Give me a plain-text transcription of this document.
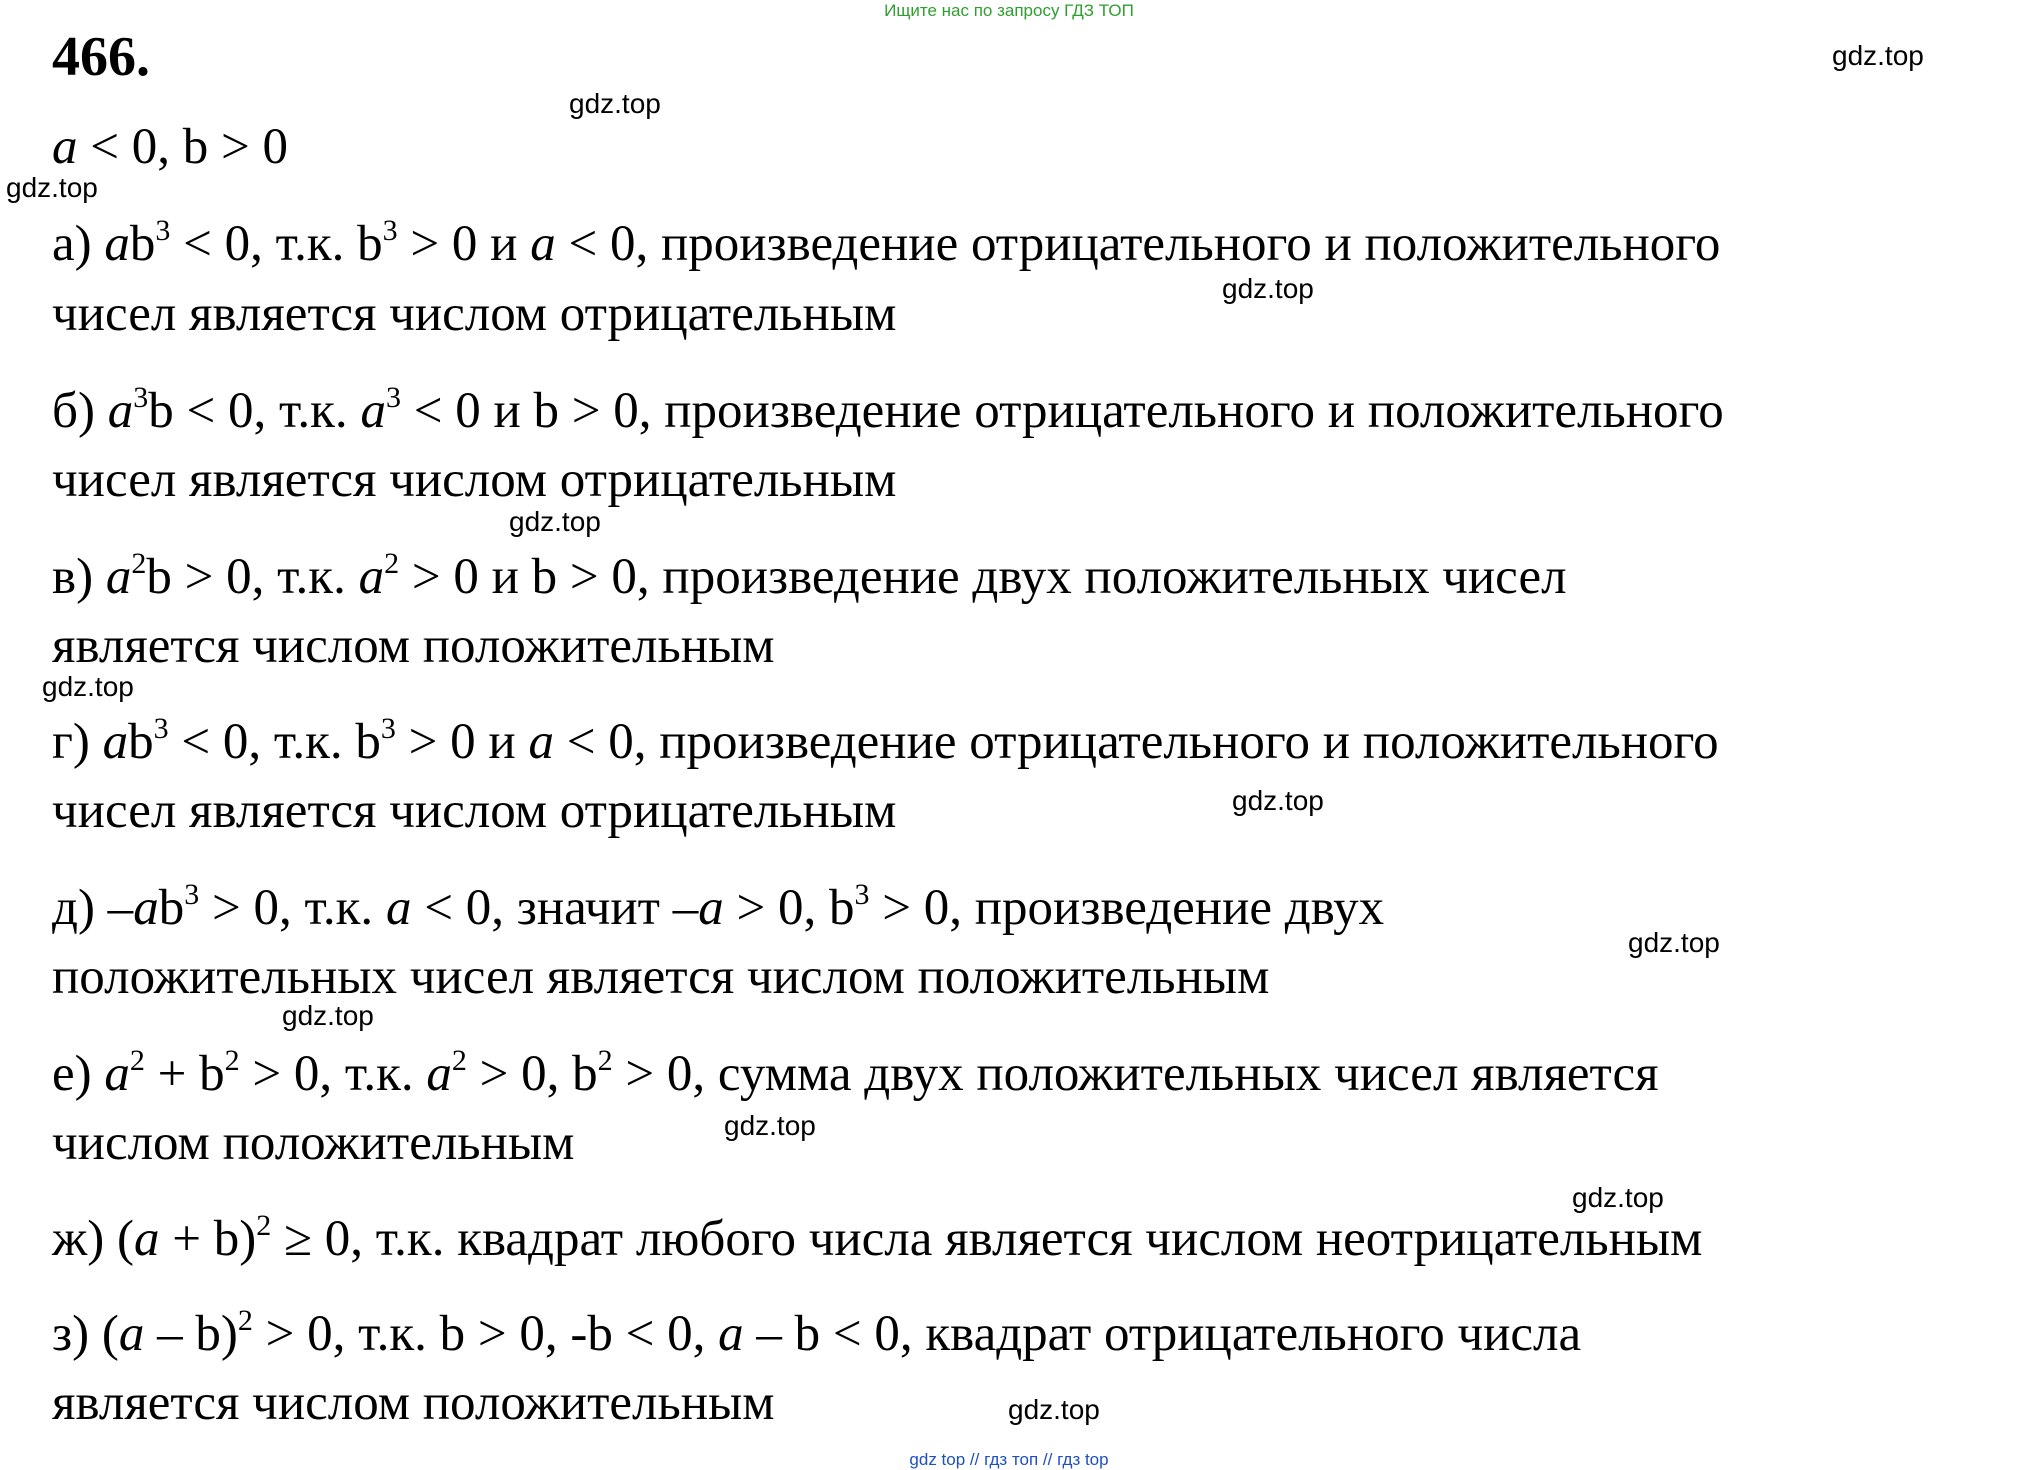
Ищите нас по запросу ГДЗ ТОП
466.
a < 0, b > 0
а) $ab^3 < 0$, т.к. $b^3 > 0$ и a < 0, произведение отрицательного и положительного
чисел является числом отрицательным
б) $a^3b < 0$, т.к. $a^3 < 0$ и b > 0, произведение отрицательного и положительного
чисел является числом отрицательным
в) $a^2b > 0$, т.к. $a^2 > 0$ и b > 0, произведение двух положительных чисел
является числом положительным
г) $ab^3 < 0$, т.к. $b^3 > 0$ и a < 0, произведение отрицательного и положительного
чисел является числом отрицательным
д) $-ab^3 > 0$, т.к. a < 0, значит –a > 0, $b^3 > 0$, произведение двух
положительных чисел является числом положительным
е) $a^2 + b^2 > 0$, т.к. $a^2 > 0$, $b^2 > 0$, сумма двух положительных чисел является
числом положительным
ж) $(a + b)^2 \ge 0$, т.к. квадрат любого числа является числом неотрицательным
з) (a – b)$^2$ > 0, т.к. b > 0, -b < 0, a – b < 0, квадрат отрицательного числа
является числом положительным
gdz.top
gdz.top
gdz.top
gdz.top
gdz.top
gdz.top
gdz.top
gdz.top
gdz.top
gdz.top
gdz.top
gdz.top
gdz top // гдз топ // гдз top
